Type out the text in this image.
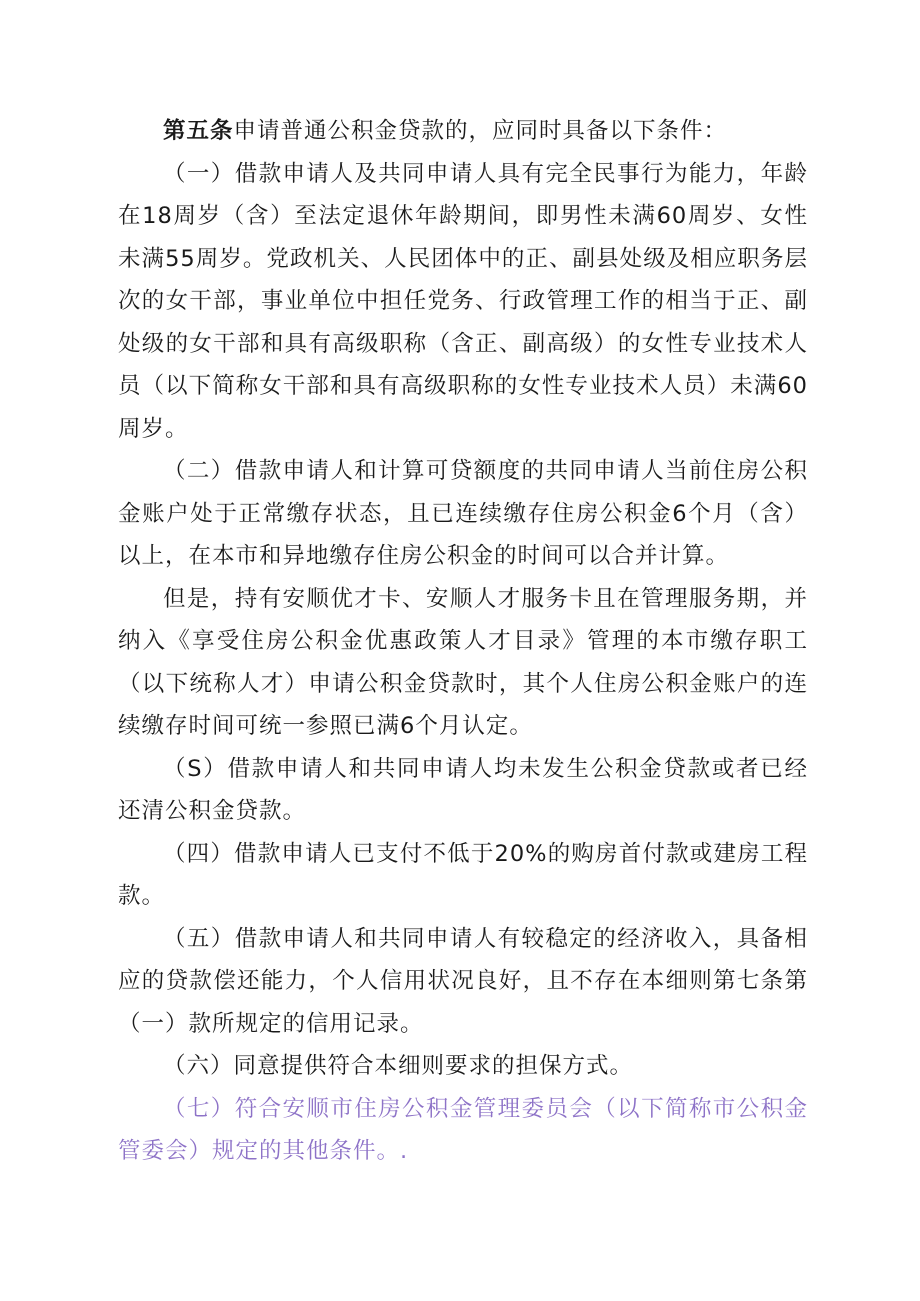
第五条申请普通公积金贷款的，应同时具备以下条件：

（一）借款申请人及共同申请人具有完全民事行为能力，年龄在18周岁（含）至法定退休年龄期间，即男性未满60周岁、女性未满55周岁。党政机关、人民团体中的正、副县处级及相应职务层次的女干部，事业单位中担任党务、行政管理工作的相当于正、副处级的女干部和具有高级职称（含正、副高级）的女性专业技术人员（以下简称女干部和具有高级职称的女性专业技术人员）未满60周岁。

（二）借款申请人和计算可贷额度的共同申请人当前住房公积金账户处于正常缴存状态，且已连续缴存住房公积金6个月（含）以上，在本市和异地缴存住房公积金的时间可以合并计算。

但是，持有安顺优才卡、安顺人才服务卡且在管理服务期，并纳入《享受住房公积金优惠政策人才目录》管理的本市缴存职工（以下统称人才）申请公积金贷款时，其个人住房公积金账户的连续缴存时间可统一参照已满6个月认定。

（S）借款申请人和共同申请人均未发生公积金贷款或者已经还清公积金贷款。

（四）借款申请人已支付不低于20%的购房首付款或建房工程款。

（五）借款申请人和共同申请人有较稳定的经济收入，具备相应的贷款偿还能力，个人信用状况良好，且不存在本细则第七条第（一）款所规定的信用记录。

（六）同意提供符合本细则要求的担保方式。

（七）符合安顺市住房公积金管理委员会（以下简称市公积金管委会）规定的其他条件。.
